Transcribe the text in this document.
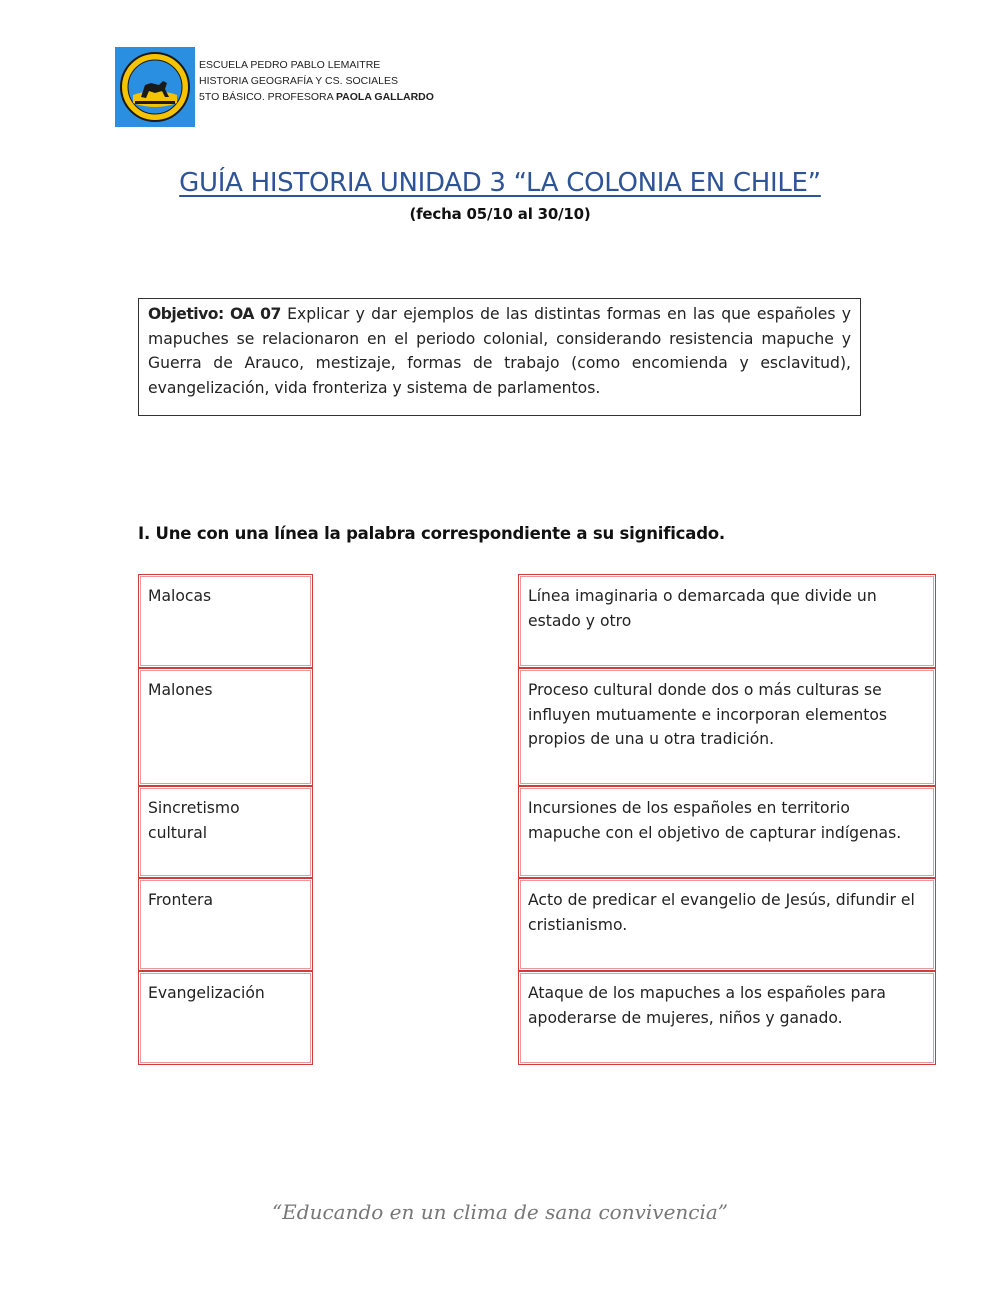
ESCUELA PEDRO PABLO LEMAITRE
HISTORIA GEOGRAFÍA Y CS. SOCIALES
5TO BÁSICO. PROFESORA PAOLA GALLARDO
GUÍA HISTORIA UNIDAD 3 “LA COLONIA EN CHILE”
(fecha 05/10 al 30/10)
Objetivo: OA 07 Explicar y dar ejemplos de las distintas formas en las que españoles y mapuches se relacionaron en el periodo colonial, considerando resistencia mapuche y Guerra de Arauco, mestizaje, formas de trabajo (como encomienda y esclavitud), evangelización, vida fronteriza y sistema de parlamentos.
I. Une con una línea la palabra correspondiente a su significado.
Malocas
Malones
Sincretismo cultural
Frontera
Evangelización
Línea imaginaria o demarcada que divide un estado y otro
Proceso cultural donde dos o más culturas se influyen mutuamente e incorporan elementos propios de una u otra tradición.
Incursiones de los españoles en territorio mapuche con el objetivo de capturar indígenas.
Acto de predicar el evangelio de Jesús, difundir el cristianismo.
Ataque de los mapuches a los españoles para apoderarse de mujeres, niños y ganado.
“Educando en un clima de sana convivencia”
